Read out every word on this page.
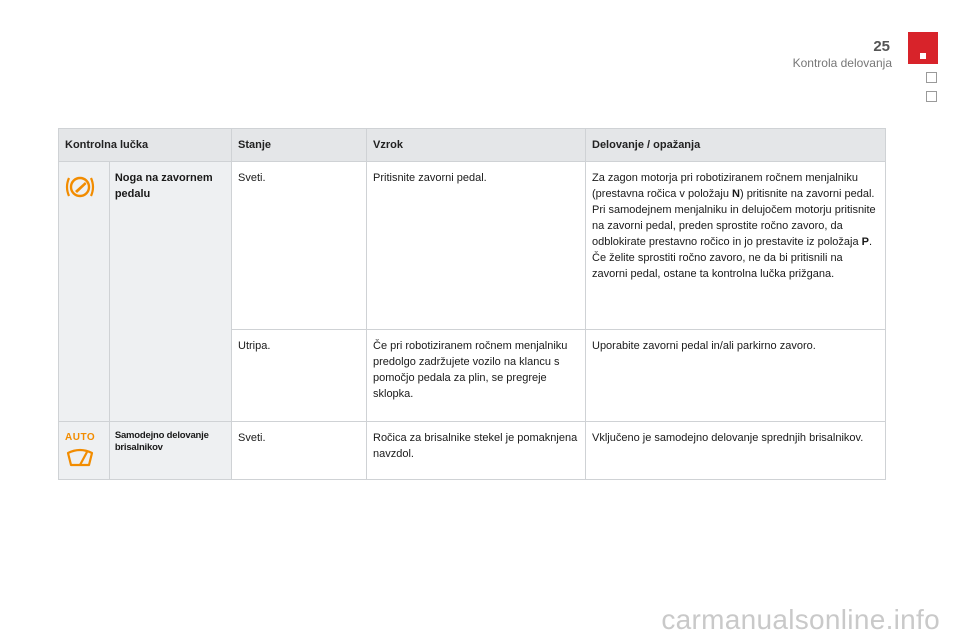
25
Kontrola delovanja
Kontrolna lučka		Stanje	Vzrok	Delovanje / opažanja

	Noga na zavornem pedalu	Sveti.	Pritisnite zavorni pedal.	Za zagon motorja pri robotiziranem ročnem menjalniku (prestavna ročica v položaju N) pritisnite na zavorni pedal.
Pri samodejnem menjalniku in delujočem motorju pritisnite na zavorni pedal, preden sprostite ročno zavoro, da odblokirate prestavno ročico in jo prestavite iz položaja P.
Če želite sprostiti ročno zavoro, ne da bi pritisnili na zavorni pedal, ostane ta kontrolna lučka prižgana.
		Utripa.	Če pri robotiziranem ročnem menjalniku predolgo zadržujete vozilo na klancu s pomočjo pedala za plin, se pregreje sklopka.	Uporabite zavorni pedal in/ali parkirno zavoro.

AUTO	Samodejno delovanje brisalnikov	Sveti.	Ročica za brisalnike stekel je pomaknjena navzdol.	Vključeno je samodejno delovanje sprednjih brisalnikov.
carmanualsonline.info
